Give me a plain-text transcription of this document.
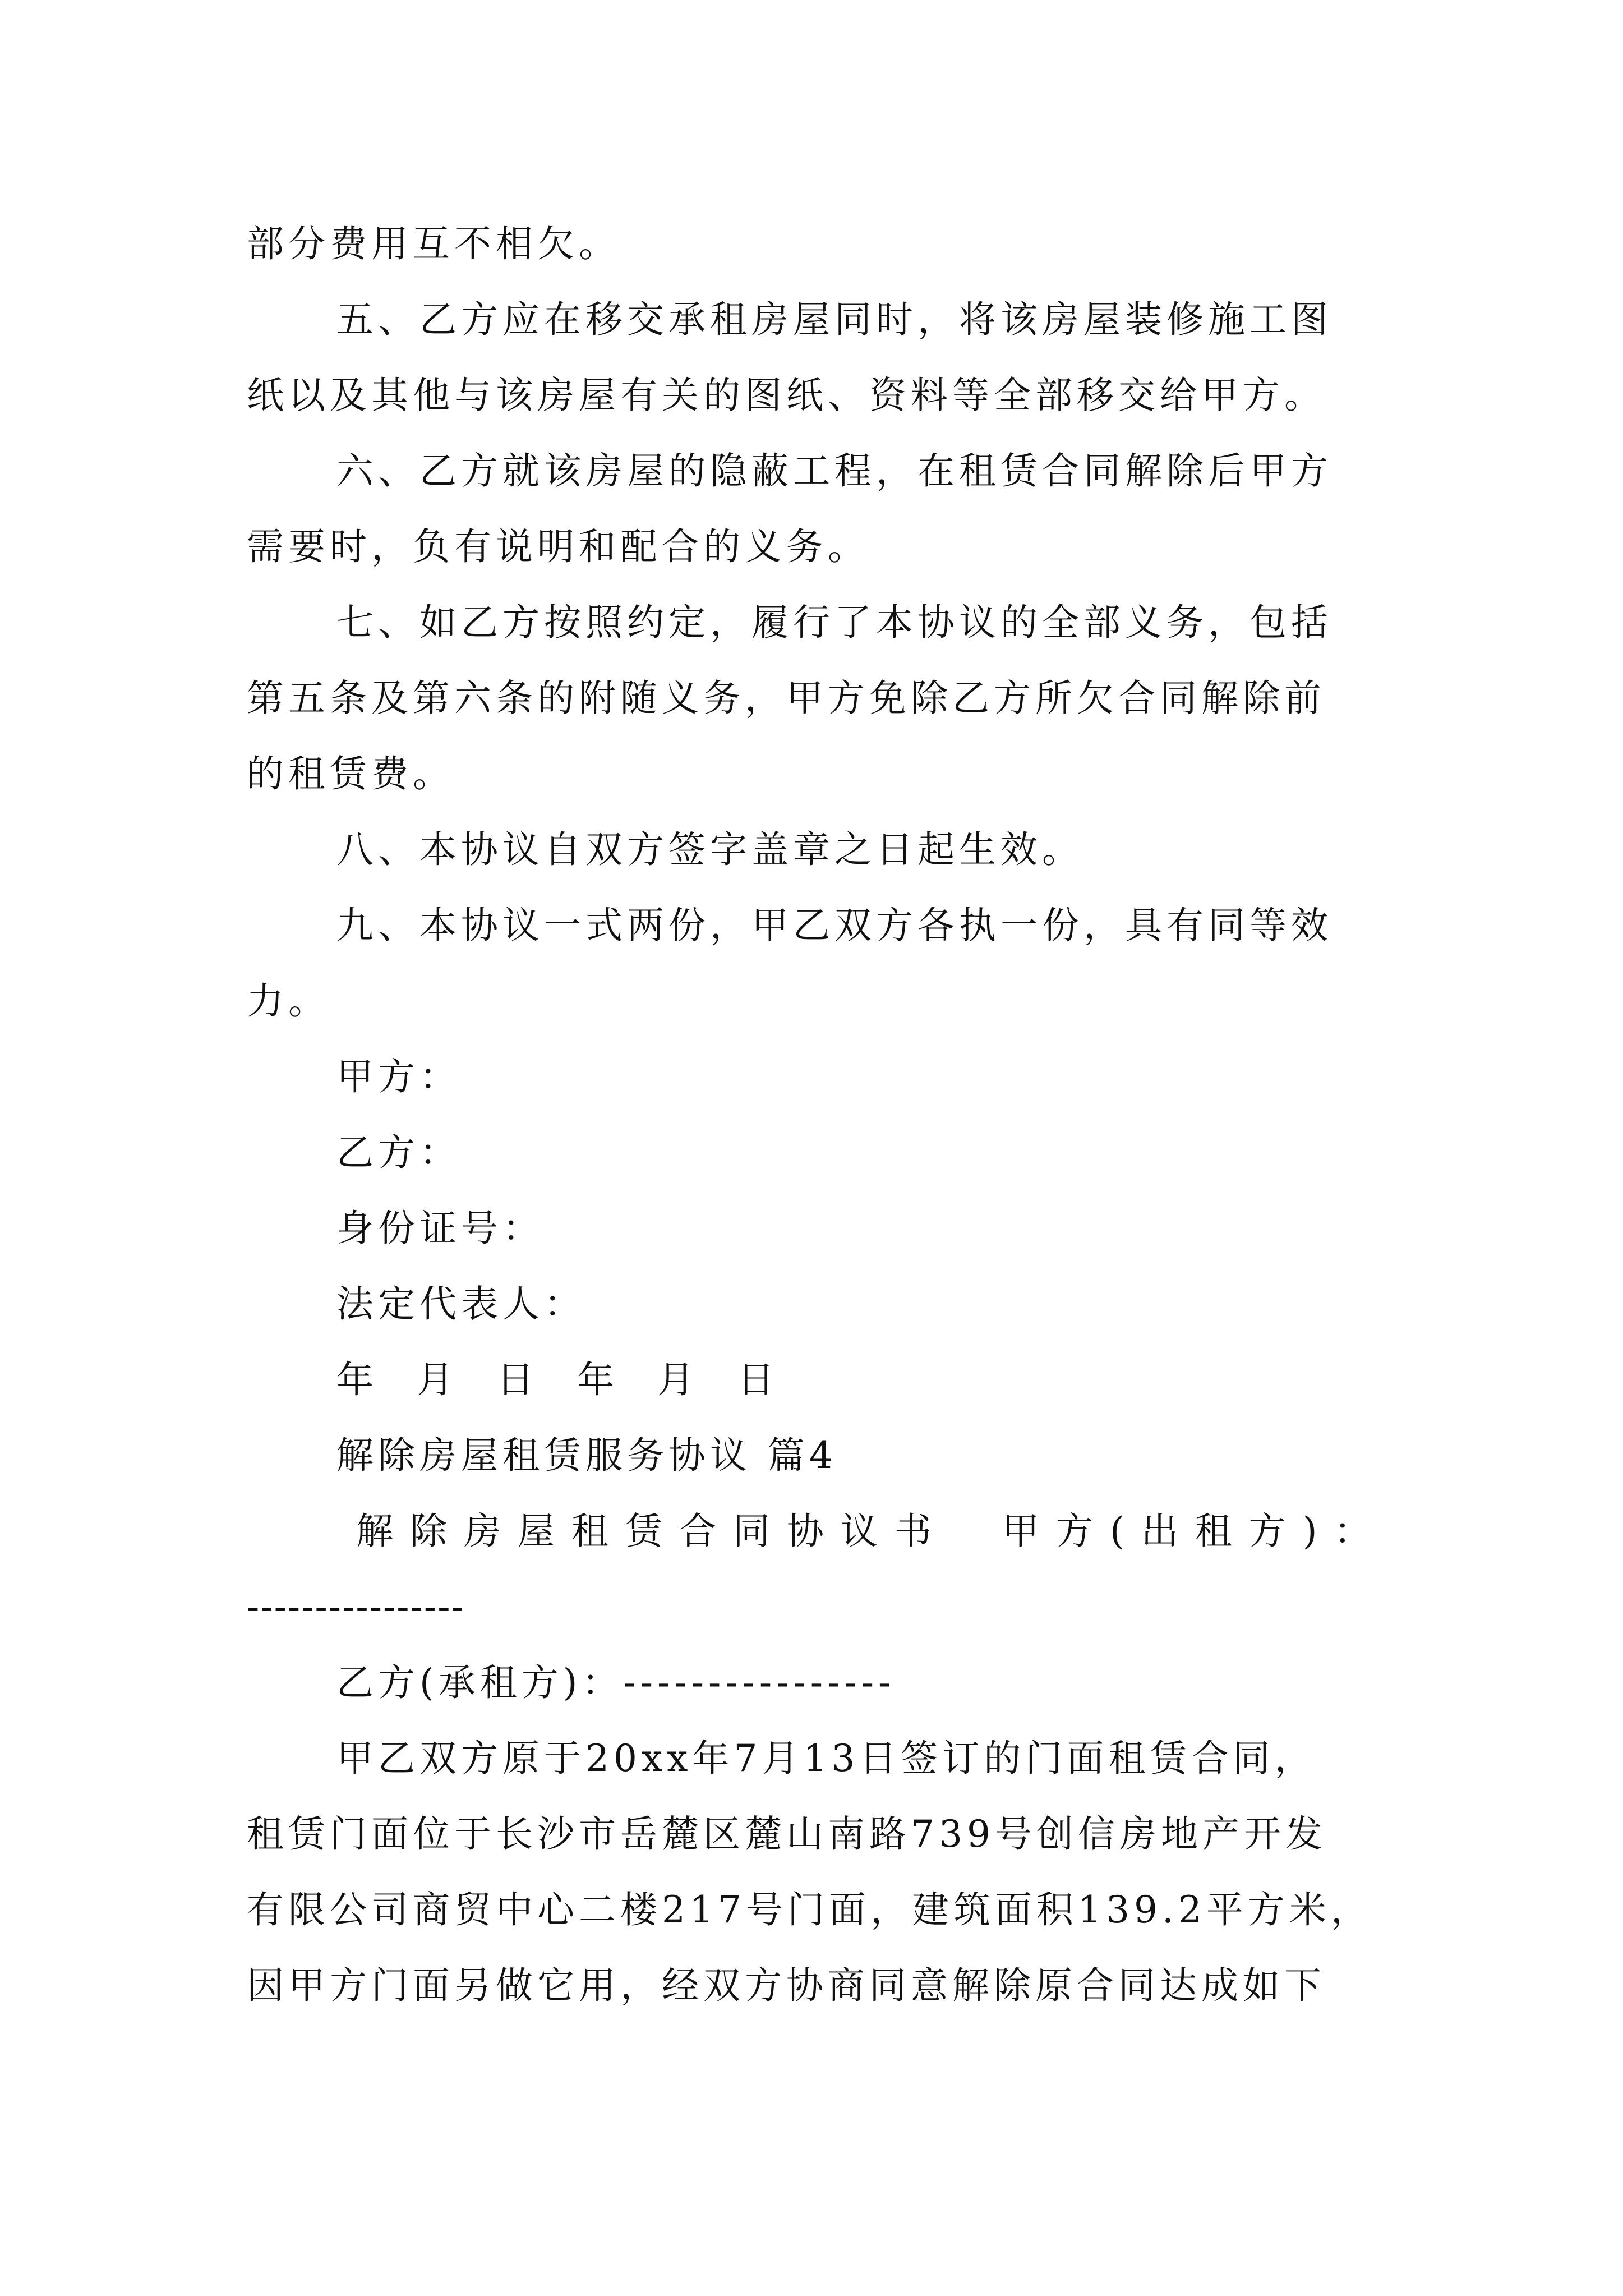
部分费用互不相欠。
五、乙方应在移交承租房屋同时，将该房屋装修施工图
纸以及其他与该房屋有关的图纸、资料等全部移交给甲方。
六、乙方就该房屋的隐蔽工程，在租赁合同解除后甲方
需要时，负有说明和配合的义务。
七、如乙方按照约定，履行了本协议的全部义务，包括
第五条及第六条的附随义务，甲方免除乙方所欠合同解除前
的租赁费。
八、本协议自双方签字盖章之日起生效。
九、本协议一式两份，甲乙双方各执一份，具有同等效
力。
甲方：
乙方：
身份证号：
法定代表人：
年 月 日 年 月 日
解除房屋租赁服务协议 篇4
解除房屋租赁合同协议书　甲方(出租方)：
----------------
乙方(承租方)：----------------
甲乙双方原于20xx年7月13日签订的门面租赁合同，
租赁门面位于长沙市岳麓区麓山南路739号创信房地产开发
有限公司商贸中心二楼217号门面，建筑面积139.2平方米，
因甲方门面另做它用，经双方协商同意解除原合同达成如下
